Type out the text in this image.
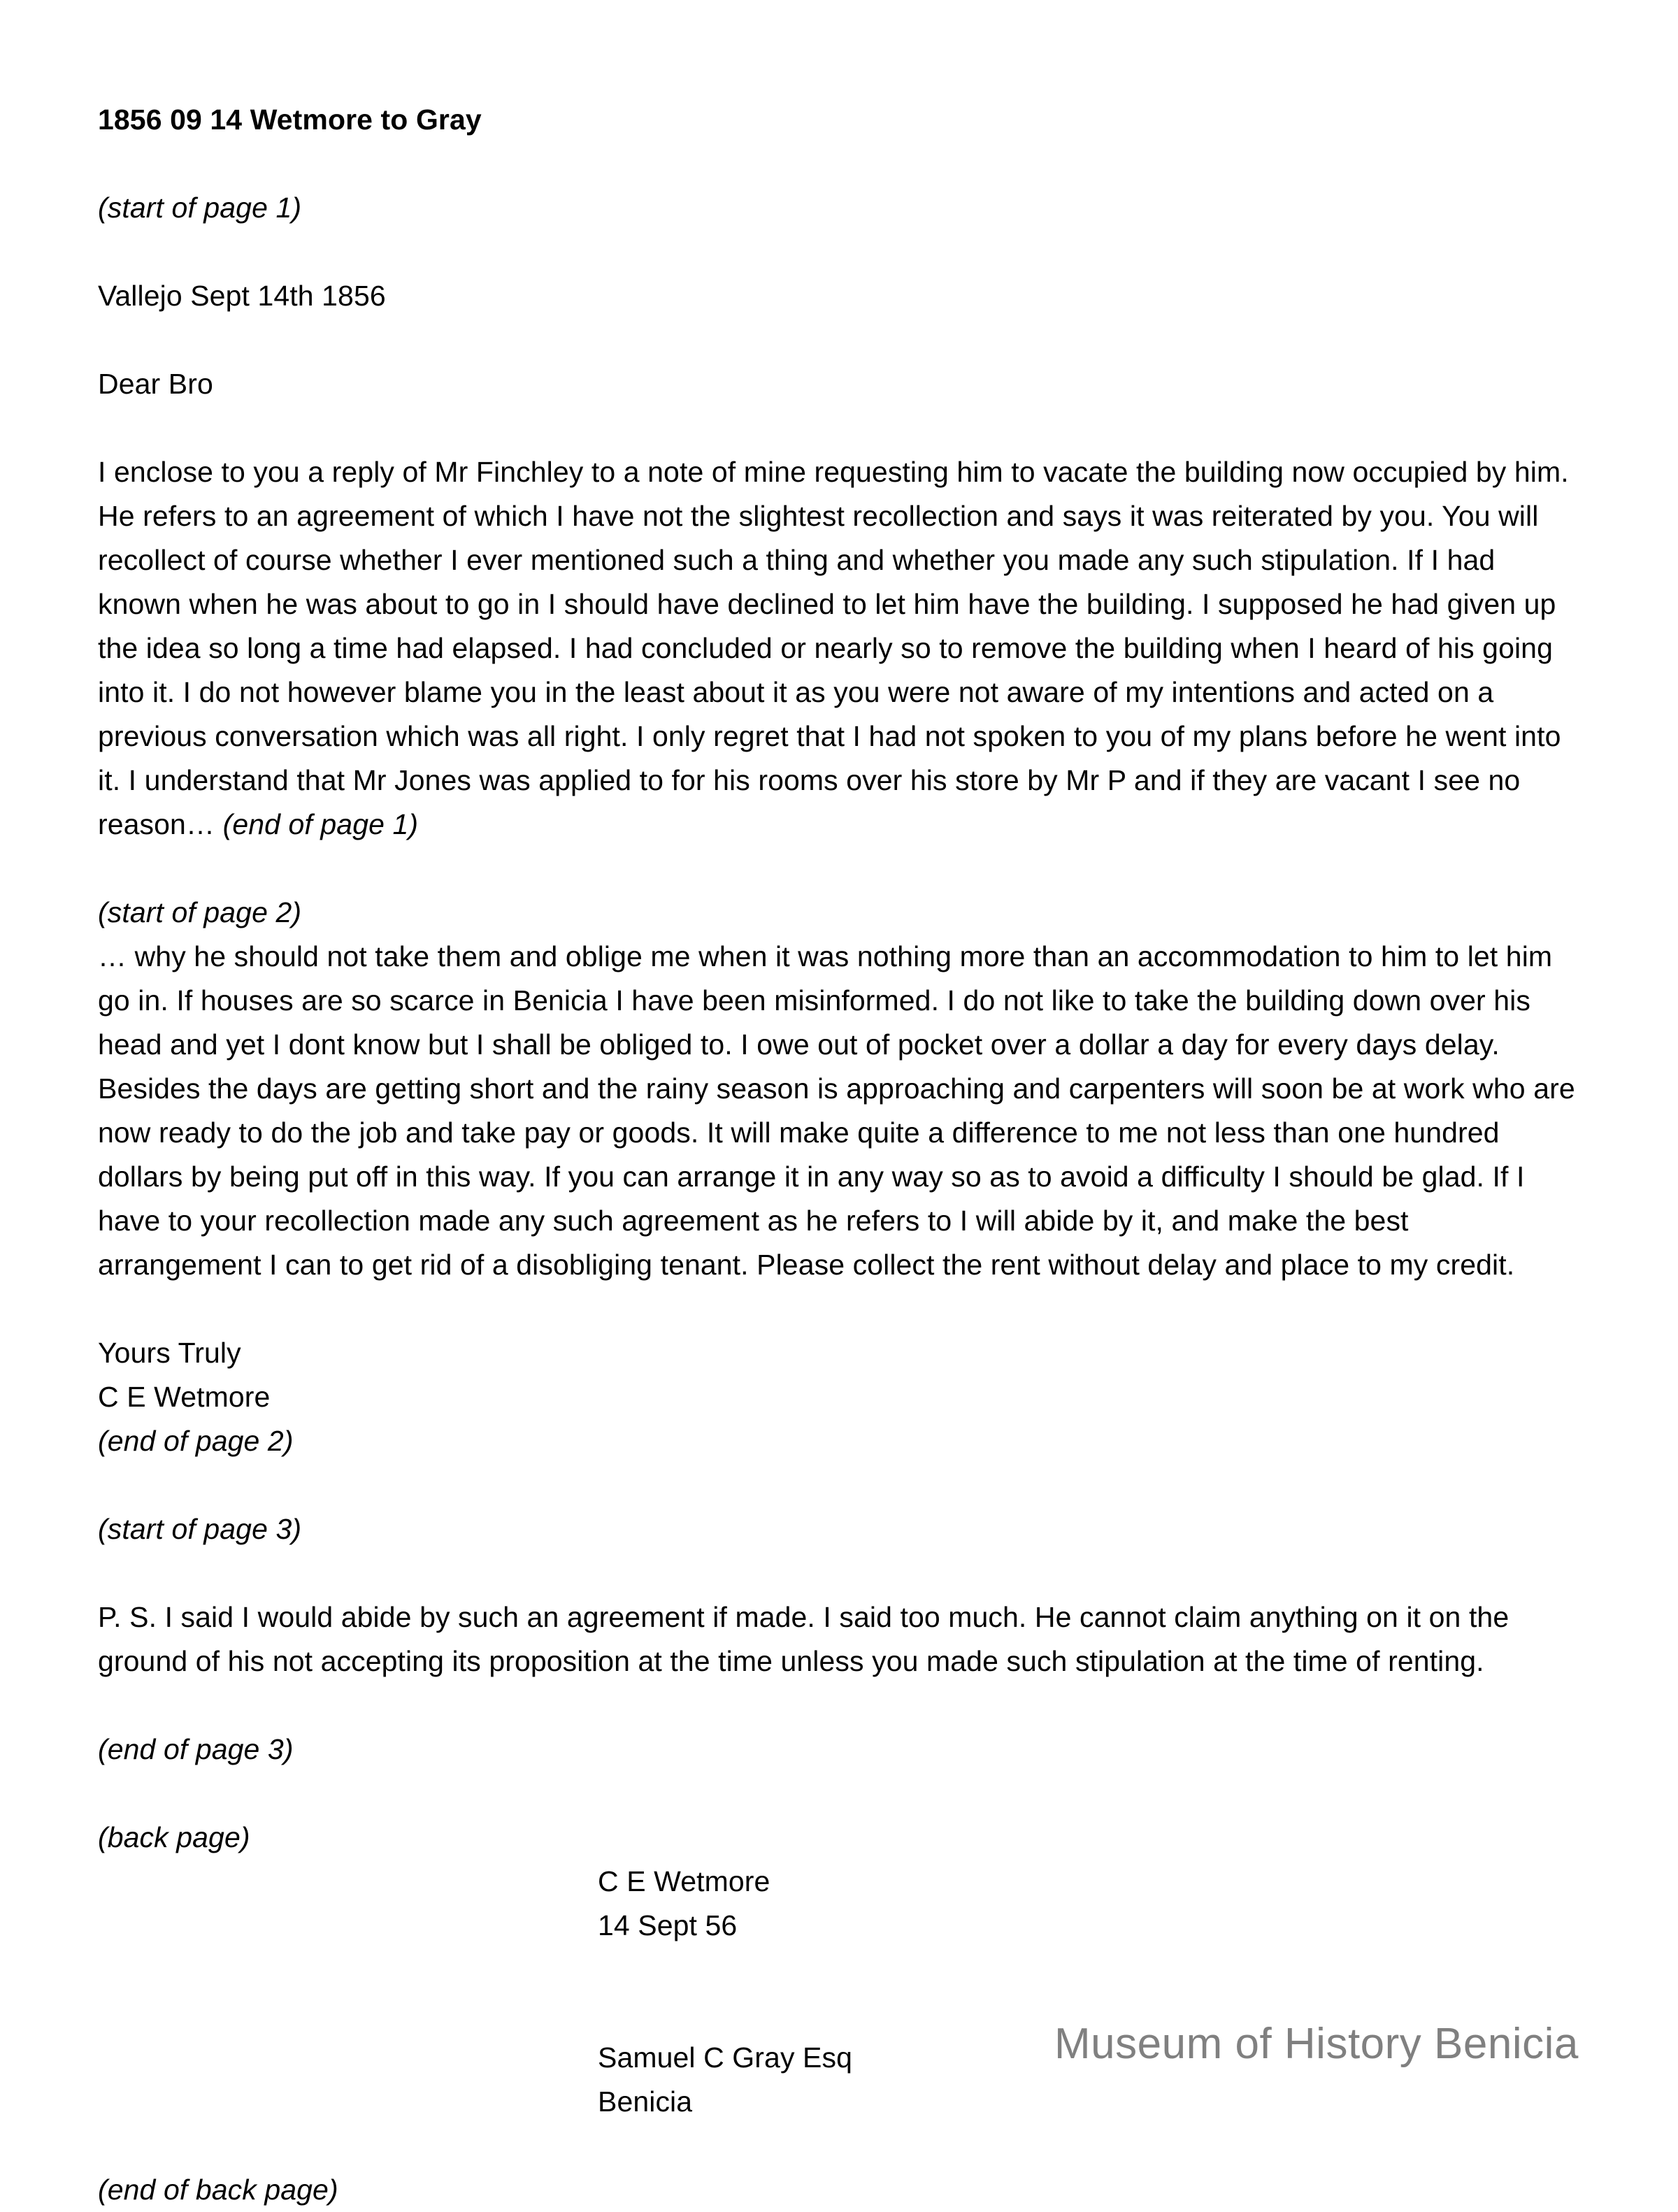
1856 09 14 Wetmore to Gray
(start of page 1)
Vallejo Sept 14th 1856
Dear Bro
I enclose to you a reply of Mr Finchley to a note of mine requesting him to vacate the building now occupied by him. He refers to an agreement of which I have not the slightest recollection and says it was reiterated by you. You will recollect of course whether I ever mentioned such a thing and whether you made any such stipulation. If I had known when he was about to go in I should have declined to let him have the building. I supposed he had given up the idea so long a time had elapsed. I had concluded or nearly so to remove the building when I heard of his going into it. I do not however blame you in the least about it as you were not aware of my intentions and acted on a previous conversation which was all right. I only regret that I had not spoken to you of my plans before he went into it. I understand that Mr Jones was applied to for his rooms over his store by Mr P and if they are vacant I see no reason… (end of page 1)
(start of page 2)
… why he should not take them and oblige me when it was nothing more than an accommodation to him to let him go in. If houses are so scarce in Benicia I have been misinformed. I do not like to take the building down over his head and yet I dont know but I shall be obliged to. I owe out of pocket over a dollar a day for every days delay. Besides the days are getting short and the rainy season is approaching and carpenters will soon be at work who are now ready to do the job and take pay or goods. It will make quite a difference to me not less than one hundred dollars by being put off in this way. If you can arrange it in any way so as to avoid a difficulty I should be glad. If I have to your recollection made any such agreement as he refers to I will abide by it, and make the best arrangement I can to get rid of a disobliging tenant. Please collect the rent without delay and place to my credit.
Yours Truly
C E Wetmore
(end of page 2)
(start of page 3)
P. S. I said I would abide by such an agreement if made. I said too much. He cannot claim anything on it on the ground of his not accepting its proposition at the time unless you made such stipulation at the time of renting.
(end of page 3)
(back page)
C E Wetmore
14 Sept 56
Samuel C Gray Esq
Benicia
(end of back page)
Museum of History Benicia
